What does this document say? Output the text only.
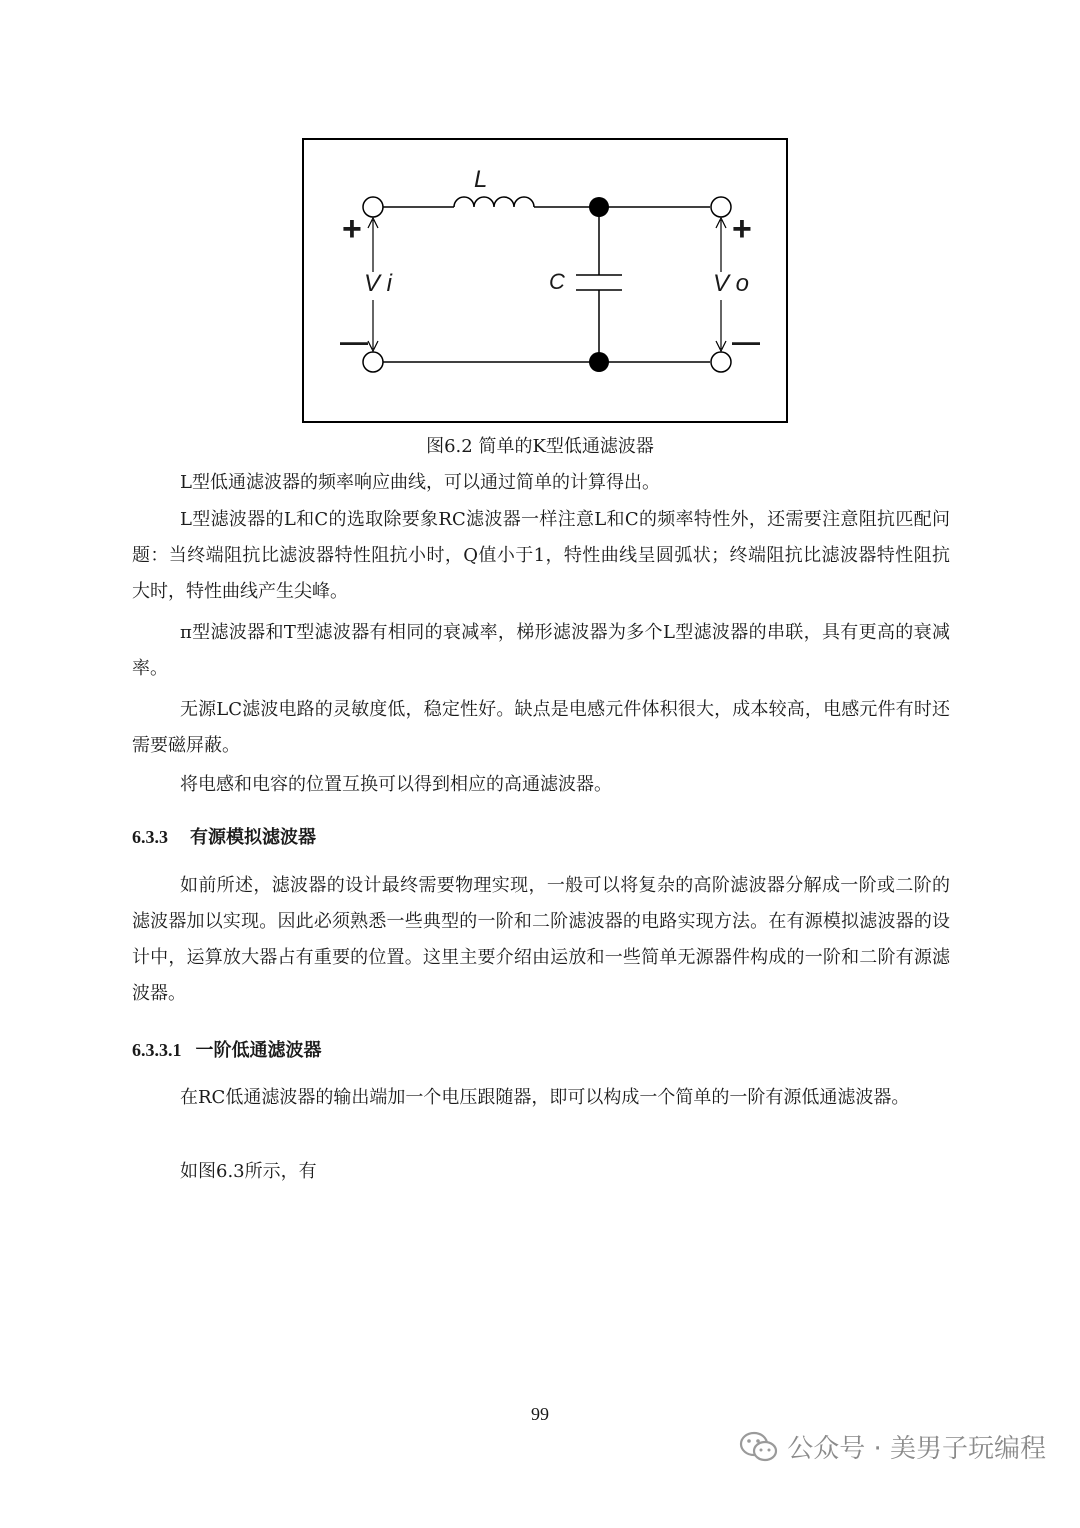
L
C
V i	V o
+	+
—	—
图6.2 简单的K型低通滤波器

L型低通滤波器的频率响应曲线，可以通过简单的计算得出。

L型滤波器的L和C的选取除要象RC滤波器一样注意L和C的频率特性外，还需要注意阻抗匹配问题：当终端阻抗比滤波器特性阻抗小时，Q值小于1，特性曲线呈圆弧状；终端阻抗比滤波器特性阻抗大时，特性曲线产生尖峰。

π型滤波器和T型滤波器有相同的衰减率，梯形滤波器为多个L型滤波器的串联，具有更高的衰减率。

无源LC滤波电路的灵敏度低，稳定性好。缺点是电感元件体积很大，成本较高，电感元件有时还需要磁屏蔽。

将电感和电容的位置互换可以得到相应的高通滤波器。

6.3.3 有源模拟滤波器

如前所述，滤波器的设计最终需要物理实现，一般可以将复杂的高阶滤波器分解成一阶或二阶的滤波器加以实现。因此必须熟悉一些典型的一阶和二阶滤波器的电路实现方法。在有源模拟滤波器的设计中，运算放大器占有重要的位置。这里主要介绍由运放和一些简单无源器件构成的一阶和二阶有源滤波器。

6.3.3.1 一阶低通滤波器

在RC低通滤波器的输出端加一个电压跟随器，即可以构成一个简单的一阶有源低通滤波器。

如图6.3所示，有

99
公众号 · 美男子玩编程
